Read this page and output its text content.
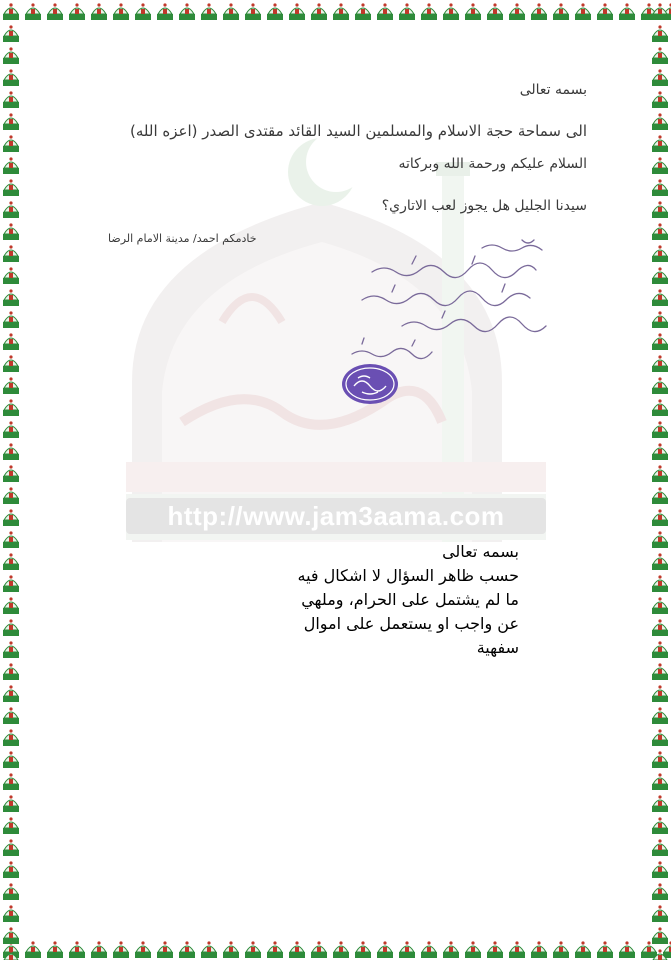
http://www.jam3aama.com
بسمه تعالى
الى سماحة حجة الاسلام والمسلمين السيد القائد مقتدى الصدر (اعزه الله)
السلام عليكم ورحمة الله وبركاته
سيدنا الجليل هل يجوز لعب الاتاري؟
خادمكم احمد/ مدينة الامام الرضا
بسمه تعالى
حسب ظاهر السؤال لا اشكال فيه
ما لم يشتمل على الحرام، وملهي
عن واجب او يستعمل على اموال
سفهية
